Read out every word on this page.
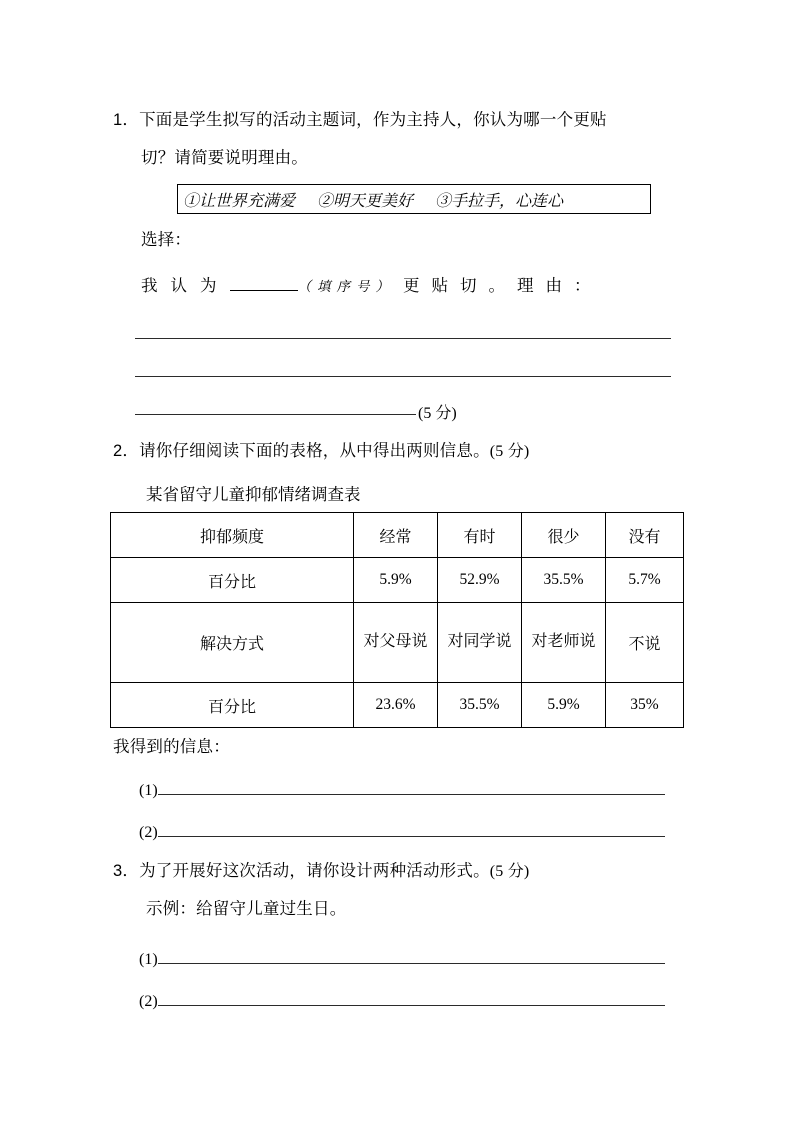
1．下面是学生拟写的活动主题词，作为主持人，你认为哪一个更贴
切？请简要说明理由。
①让世界充满爱 ②明天更美好 ③手拉手，心连心
选择：
我 认 为	（填序号） 更 贴 切 。 理 由 ：
(5 分)
2．请你仔细阅读下面的表格，从中得出两则信息。(5 分)
某省留守儿童抑郁情绪调查表
抑郁频度	经常	有时	很少	没有
百分比	5.9%	52.9%	35.5%	5.7%
解决方式	对父母说	对同学说	对老师说	不说
百分比	23.6%	35.5%	5.9%	35%
我得到的信息：
(1)
(2)
3．为了开展好这次活动，请你设计两种活动形式。(5 分)
示例：给留守儿童过生日。
(1)
(2)
